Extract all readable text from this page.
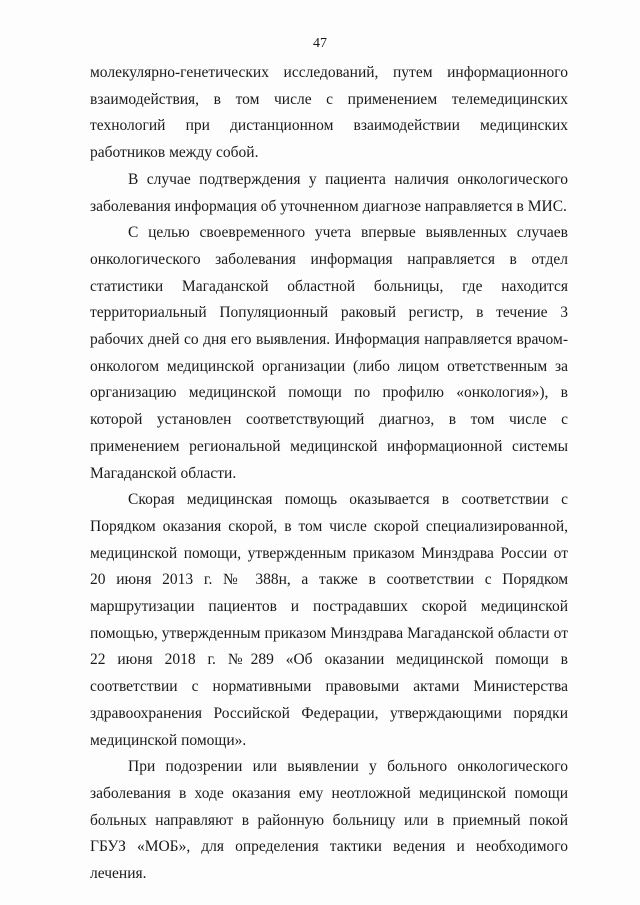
47

молекулярно-генетических исследований, путем информационного взаимодействия, в том числе с применением телемедицинских технологий при дистанционном взаимодействии медицинских работников между собой.

В случае подтверждения у пациента наличия онкологического заболевания информация об уточненном диагнозе направляется в МИС.

С целью своевременного учета впервые выявленных случаев онкологического заболевания информация направляется в отдел статистики Магаданской областной больницы, где находится территориальный Популяционный раковый регистр, в течение 3 рабочих дней со дня его выявления. Информация направляется врачом-онкологом медицинской организации (либо лицом ответственным за организацию медицинской помощи по профилю «онкология»), в которой установлен соответствующий диагноз, в том числе с применением региональной медицинской информационной системы Магаданской области.

Скорая медицинская помощь оказывается в соответствии с Порядком оказания скорой, в том числе скорой специализированной, медицинской помощи, утвержденным приказом Минздрава России от 20 июня 2013 г. № 388н, а также в соответствии с Порядком маршрутизации пациентов и пострадавших скорой медицинской помощью, утвержденным приказом Минздрава Магаданской области от 22 июня 2018 г. №289 «Об оказании медицинской помощи в соответствии с нормативными правовыми актами Министерства здравоохранения Российской Федерации, утверждающими порядки медицинской помощи».

При подозрении или выявлении у больного онкологического заболевания в ходе оказания ему неотложной медицинской помощи больных направляют в районную больницу или в приемный покой ГБУЗ «МОБ», для определения тактики ведения и необходимого лечения.
